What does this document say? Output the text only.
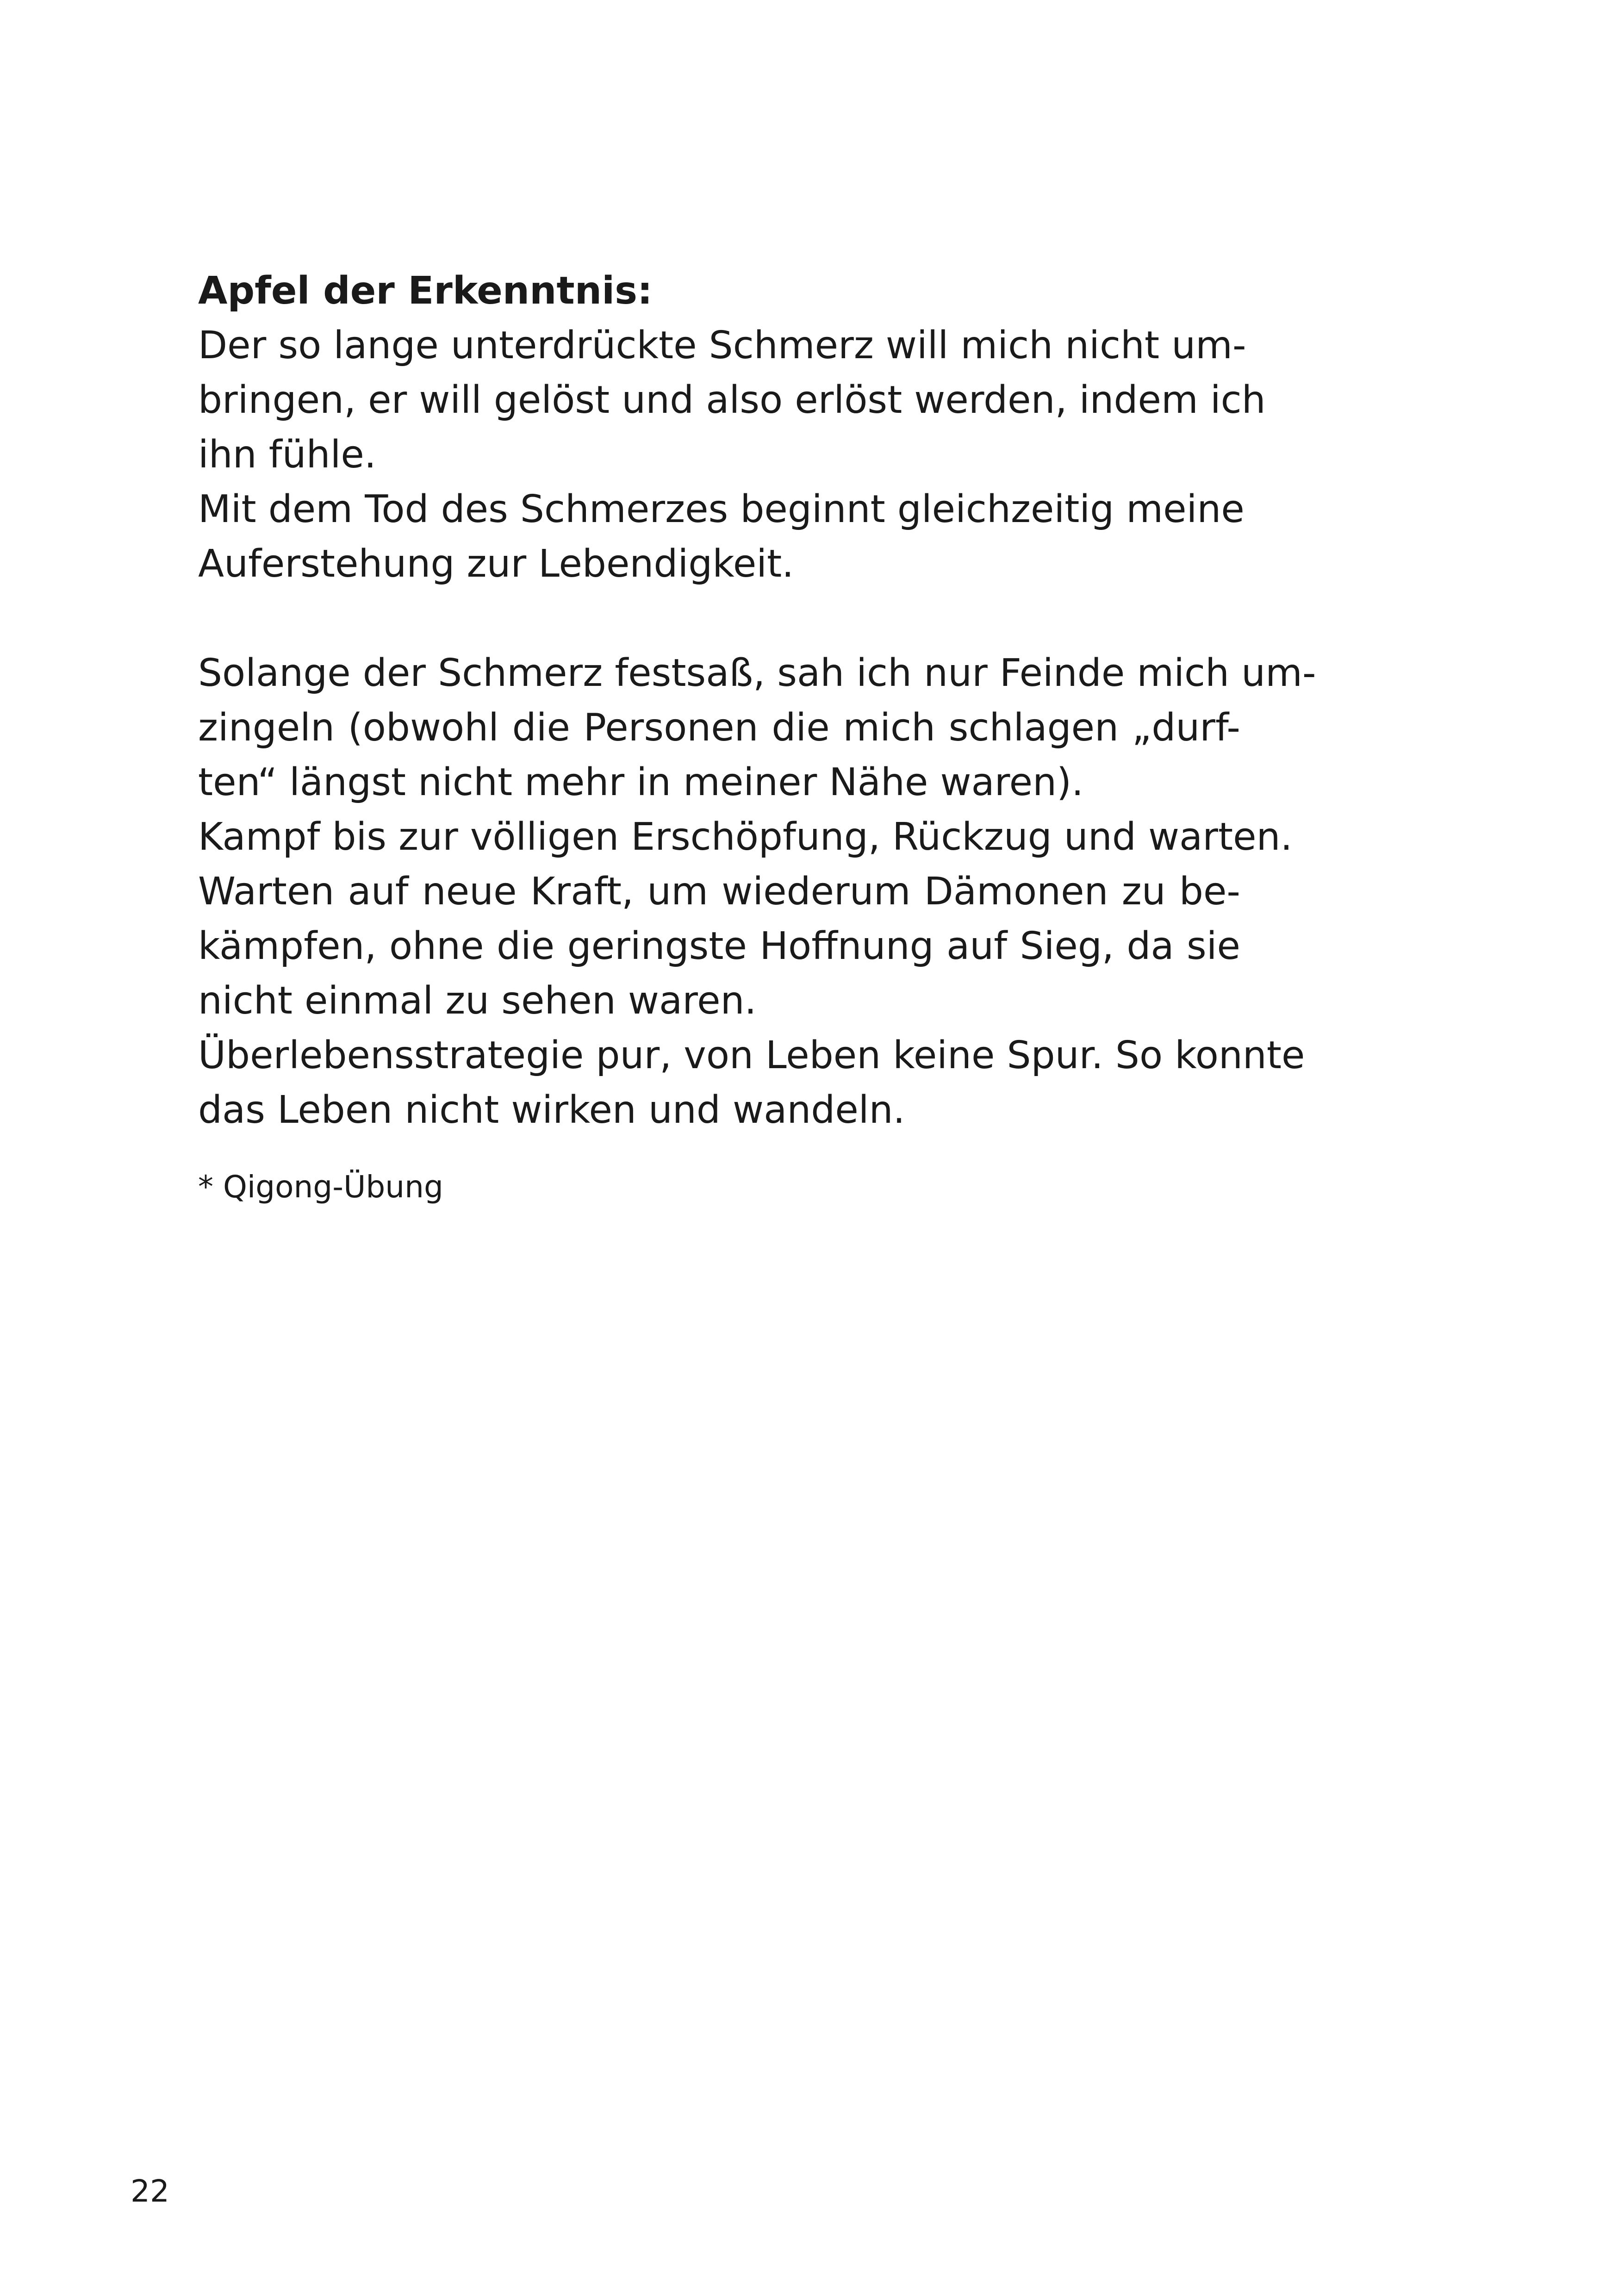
Apfel der Erkenntnis:
Der so lange unterdrückte Schmerz will mich nicht um-
bringen, er will gelöst und also erlöst werden, indem ich
ihn fühle.
Mit dem Tod des Schmerzes beginnt gleichzeitig meine
Auferstehung zur Lebendigkeit.
Solange der Schmerz festsaß, sah ich nur Feinde mich um-
zingeln (obwohl die Personen die mich schlagen „durf-
ten“ längst nicht mehr in meiner Nähe waren).
Kampf bis zur völligen Erschöpfung, Rückzug und warten.
Warten auf neue Kraft, um wiederum Dämonen zu be-
kämpfen, ohne die geringste Hoffnung auf Sieg, da sie
nicht einmal zu sehen waren.
Überlebensstrategie pur, von Leben keine Spur. So konnte
das Leben nicht wirken und wandeln.
* Qigong-Übung
22
